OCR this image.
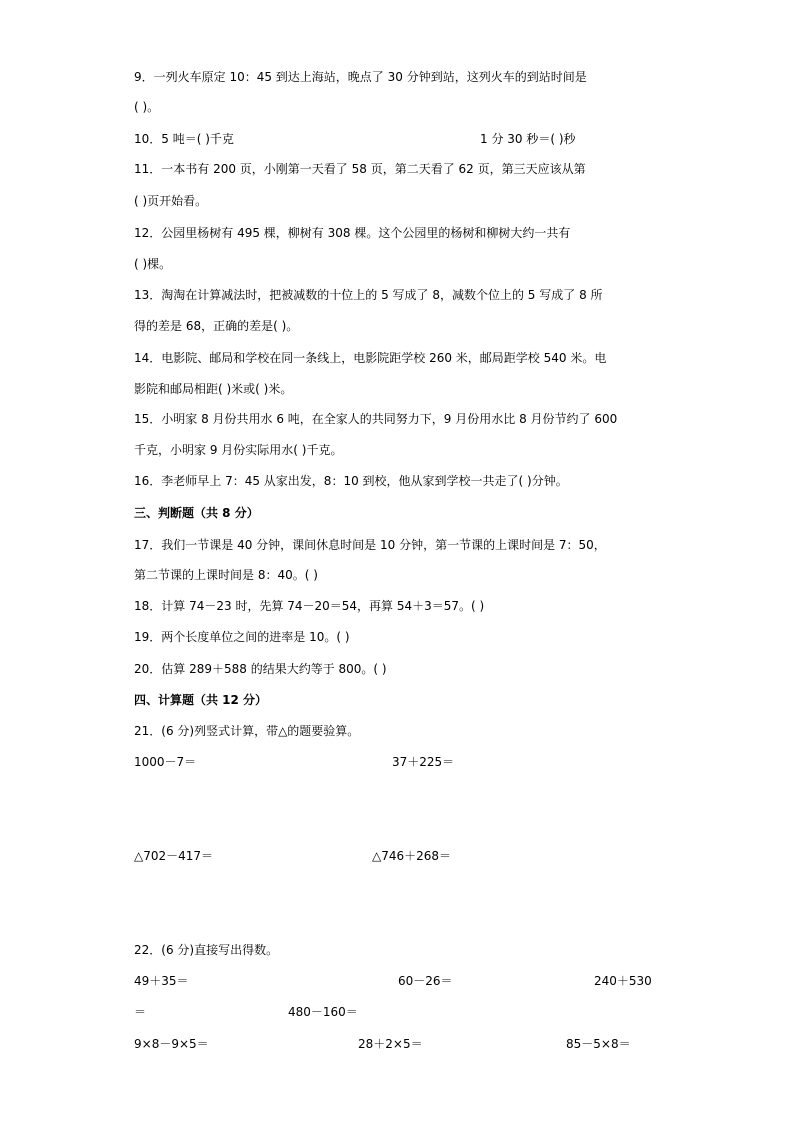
9．一列火车原定 10：45 到达上海站，晚点了 30 分钟到站，这列火车的到站时间是
( )。
10．5 吨＝( )千克	1 分 30 秒＝( )秒
11．一本书有 200 页，小刚第一天看了 58 页，第二天看了 62 页，第三天应该从第
( )页开始看。
12．公园里杨树有 495 棵，柳树有 308 棵。这个公园里的杨树和柳树大约一共有
( )棵。
13．淘淘在计算减法时，把被减数的十位上的 5 写成了 8，减数个位上的 5 写成了 8 所
得的差是 68，正确的差是( )。
14．电影院、邮局和学校在同一条线上，电影院距学校 260 米，邮局距学校 540 米。电
影院和邮局相距( )米或( )米。
15．小明家 8 月份共用水 6 吨，在全家人的共同努力下，9 月份用水比 8 月份节约了 600
千克，小明家 9 月份实际用水( )千克。
16．李老师早上 7：45 从家出发，8：10 到校，他从家到学校一共走了( )分钟。
三、判断题（共 8 分）
17．我们一节课是 40 分钟，课间休息时间是 10 分钟，第一节课的上课时间是 7：50，
第二节课的上课时间是 8：40。( )
18．计算 74－23 时，先算 74－20＝54，再算 54＋3＝57。( )
19．两个长度单位之间的进率是 10。( )
20．估算 289＋588 的结果大约等于 800。( )
四、计算题（共 12 分）
21．(6 分)列竖式计算，带△的题要验算。
1000－7＝	37＋225＝
△702－417＝	△746＋268＝
22．(6 分)直接写出得数。
49＋35＝	60－26＝	240＋530
＝	480－160＝
9×8－9×5＝	28＋2×5＝	85－5×8＝
